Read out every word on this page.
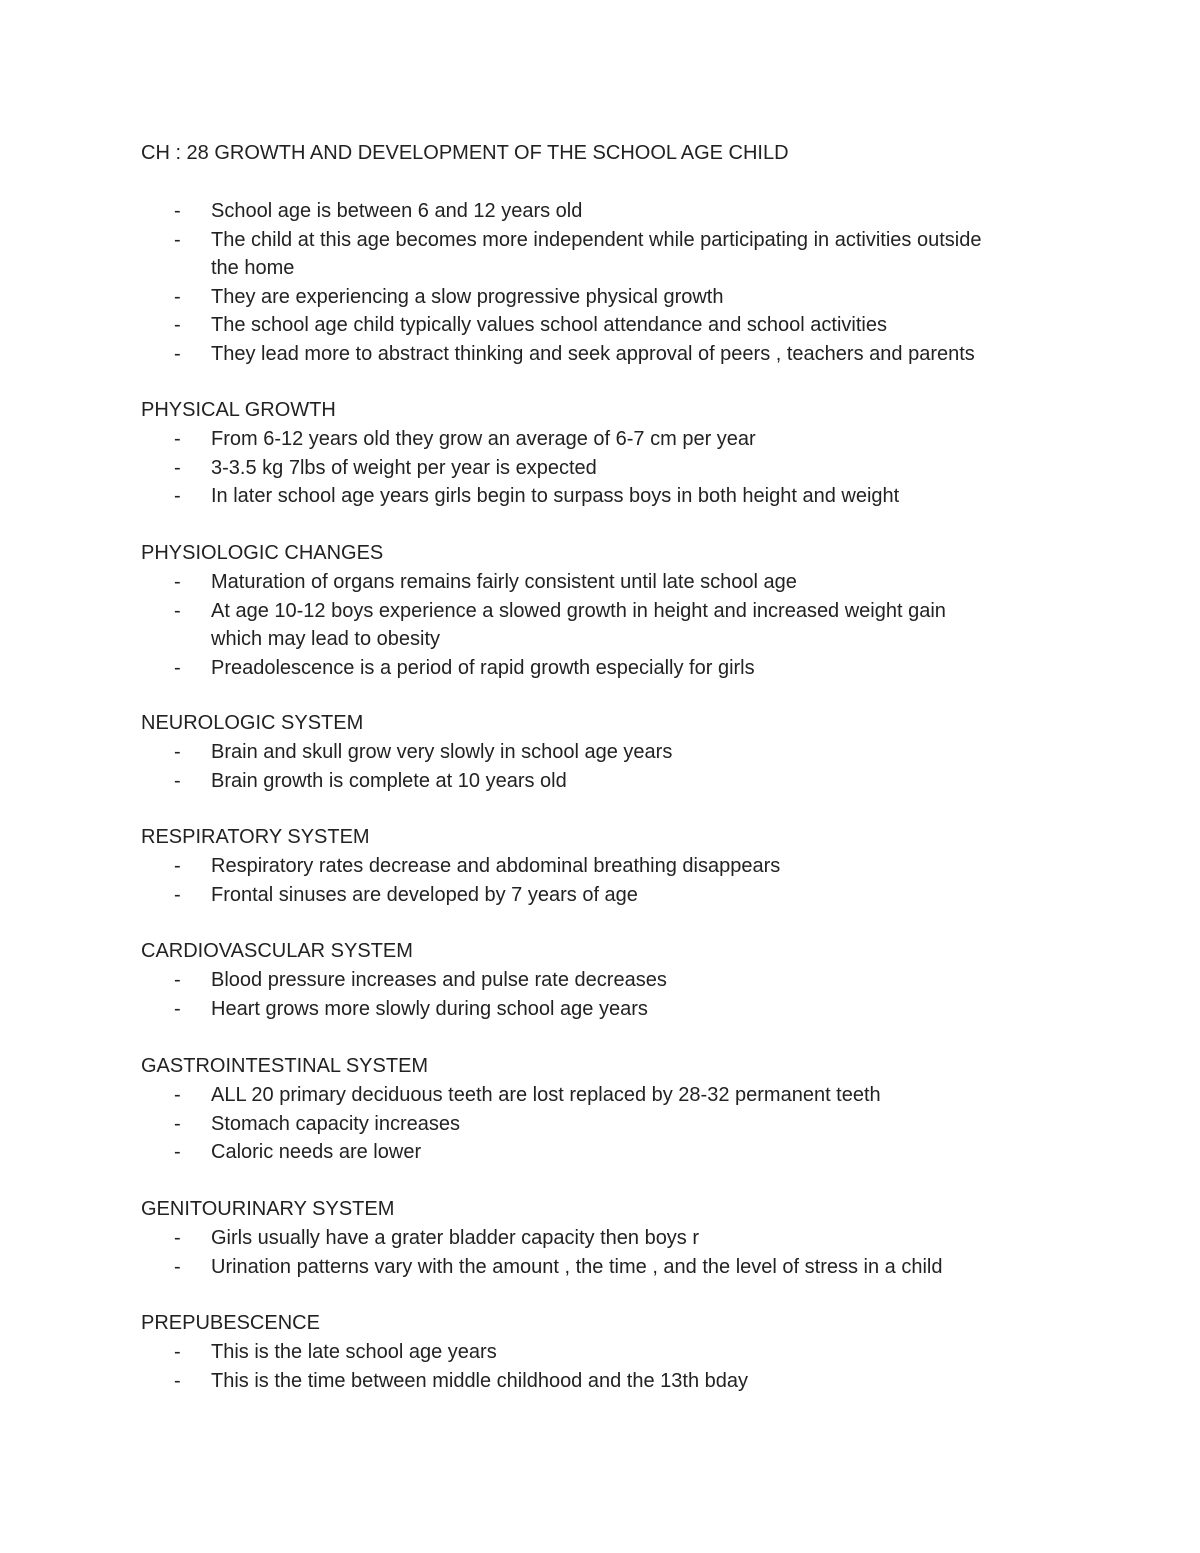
CH : 28 GROWTH AND DEVELOPMENT OF THE SCHOOL AGE CHILD
- School age is between 6 and 12 years old
- The child at this age becomes more independent while participating in activities outside
the home
- They are experiencing a slow progressive physical growth
- The school age child typically values school attendance and school activities
- They lead more to abstract thinking and seek approval of peers , teachers and parents
PHYSICAL GROWTH
- From 6-12 years old they grow an average of 6-7 cm per year
- 3-3.5 kg 7lbs of weight per year is expected
- In later school age years girls begin to surpass boys in both height and weight
PHYSIOLOGIC CHANGES
- Maturation of organs remains fairly consistent until late school age
- At age 10-12 boys experience a slowed growth in height and increased weight gain
which may lead to obesity
- Preadolescence is a period of rapid growth especially for girls
NEUROLOGIC SYSTEM
- Brain and skull grow very slowly in school age years
- Brain growth is complete at 10 years old
RESPIRATORY SYSTEM
- Respiratory rates decrease and abdominal breathing disappears
- Frontal sinuses are developed by 7 years of age
CARDIOVASCULAR SYSTEM
- Blood pressure increases and pulse rate decreases
- Heart grows more slowly during school age years
GASTROINTESTINAL SYSTEM
- ALL 20 primary deciduous teeth are lost replaced by 28-32 permanent teeth
- Stomach capacity increases
- Caloric needs are lower
GENITOURINARY SYSTEM
- Girls usually have a grater bladder capacity then boys r
- Urination patterns vary with the amount , the time , and the level of stress in a child
PREPUBESCENCE
- This is the late school age years
- This is the time between middle childhood and the 13th bday
